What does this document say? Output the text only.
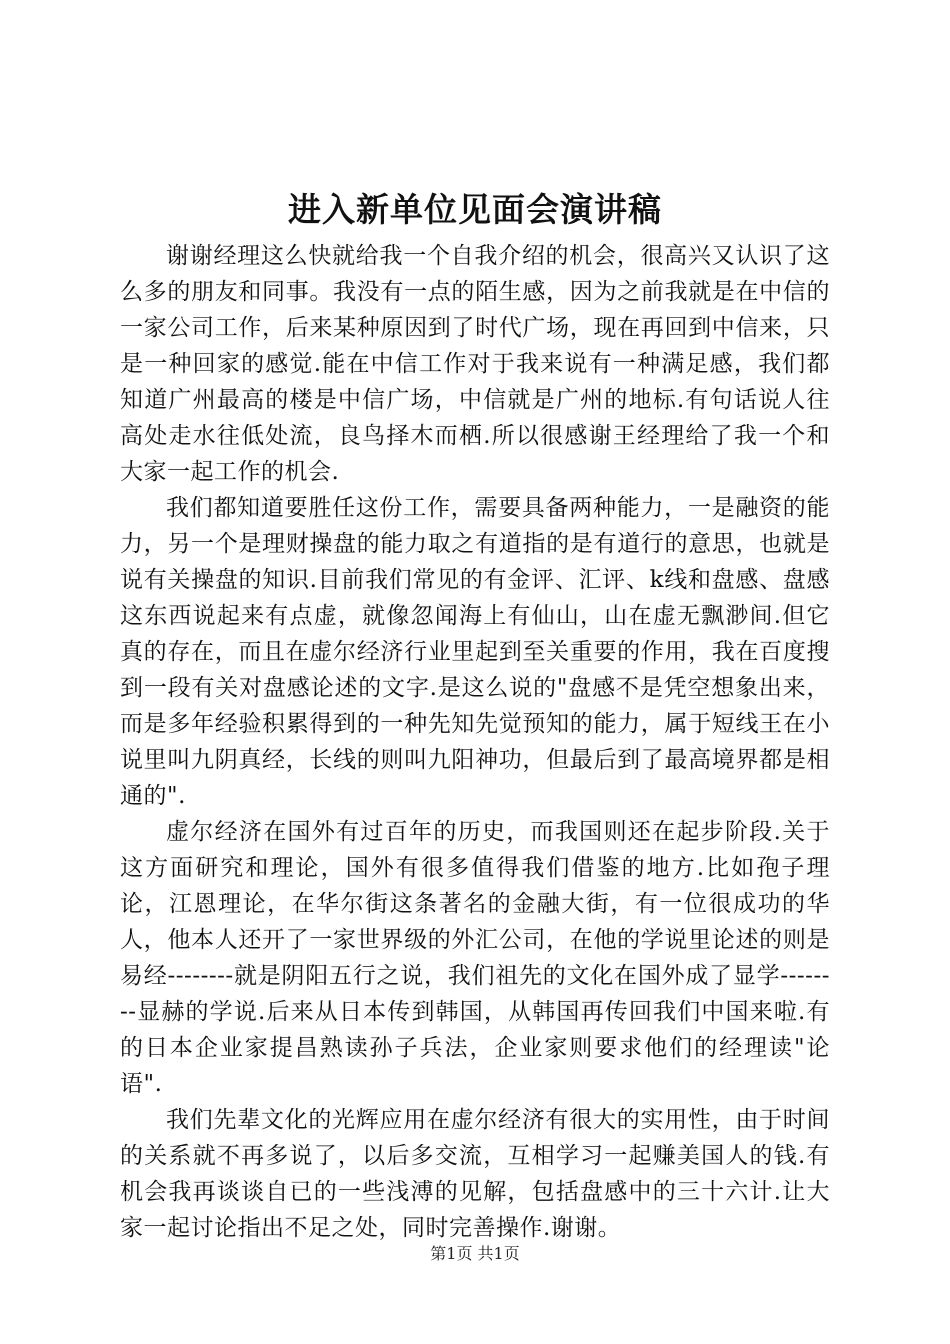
进入新单位见面会演讲稿

谢谢经理这么快就给我一个自我介绍的机会，很高兴又认识了这么多的朋友和同事。我没有一点的陌生感，因为之前我就是在中信的一家公司工作，后来某种原因到了时代广场，现在再回到中信来，只是一种回家的感觉.能在中信工作对于我来说有一种满足感，我们都知道广州最高的楼是中信广场，中信就是广州的地标.有句话说人往高处走水往低处流，良鸟择木而栖.所以很感谢王经理给了我一个和大家一起工作的机会.

我们都知道要胜任这份工作，需要具备两种能力，一是融资的能力，另一个是理财操盘的能力取之有道指的是有道行的意思，也就是说有关操盘的知识.目前我们常见的有金评、汇评、k线和盘感、盘感这东西说起来有点虚，就像忽闻海上有仙山，山在虚无飘渺间.但它真的存在，而且在虚尔经济行业里起到至关重要的作用，我在百度搜到一段有关对盘感论述的文字.是这么说的"盘感不是凭空想象出来，而是多年经验积累得到的一种先知先觉预知的能力，属于短线王在小说里叫九阴真经，长线的则叫九阳神功，但最后到了最高境界都是相通的".

虚尔经济在国外有过百年的历史，而我国则还在起步阶段.关于这方面研究和理论，国外有很多值得我们借鉴的地方.比如孢子理论，江恩理论，在华尔街这条著名的金融大街，有一位很成功的华人，他本人还开了一家世界级的外汇公司，在他的学说里论述的则是易经--------就是阴阳五行之说，我们祖先的文化在国外成了显学--------显赫的学说.后来从日本传到韩国，从韩国再传回我们中国来啦.有的日本企业家提昌熟读孙子兵法，企业家则要求他们的经理读"论语".

我们先辈文化的光辉应用在虚尔经济有很大的实用性，由于时间的关系就不再多说了，以后多交流，互相学习一起赚美国人的钱.有机会我再谈谈自已的一些浅溥的见解，包括盘感中的三十六计.让大家一起讨论指出不足之处，同时完善操作.谢谢。

第1页 共1页
